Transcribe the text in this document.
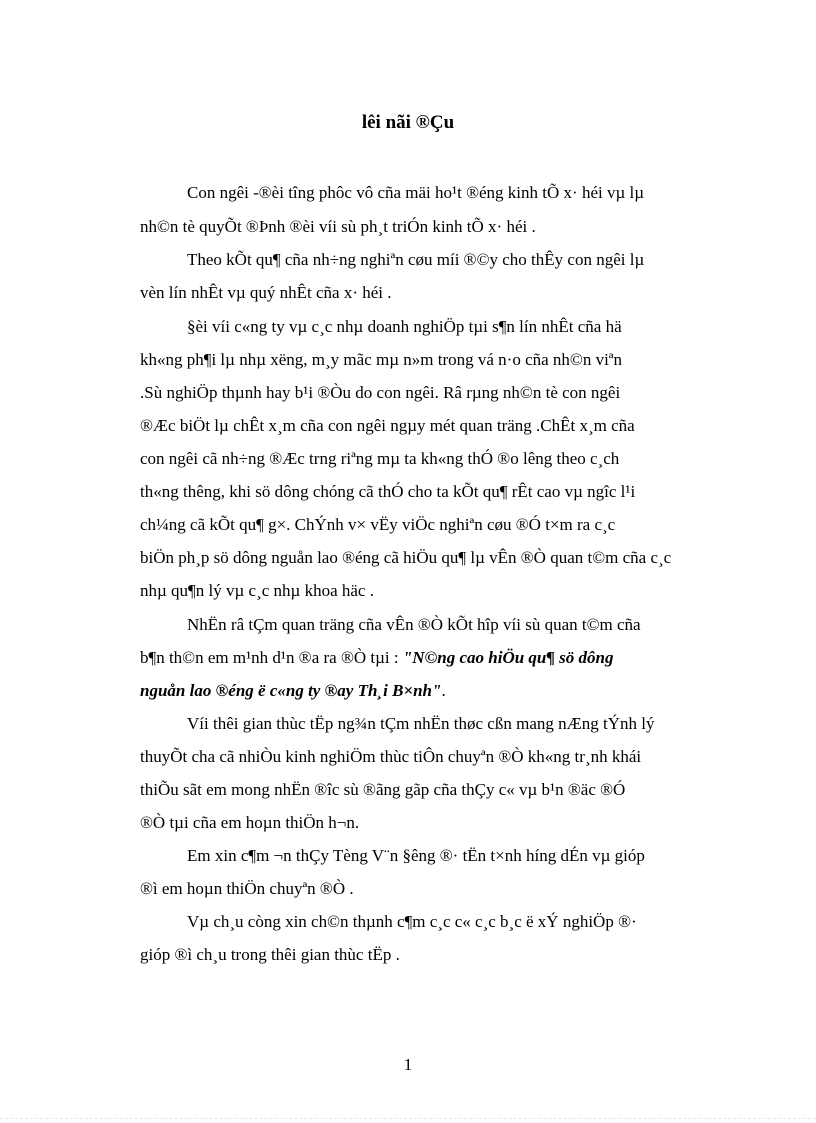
lêi nãi ®Çu
Con ngêi -®èi tîng phôc vô cña mäi ho¹t ®éng kinh tÕ x· héi vµ lµ
nh©n tè quyÕt ®Þnh ®èi víi sù ph¸t triÓn kinh tÕ x· héi .
Theo kÕt qu¶ cña nh÷ng nghiªn cøu míi ®©y cho thÊy con ngêi lµ
vèn lín nhÊt vµ quý nhÊt cña x· héi .
§èi víi c«ng ty vµ c¸c nhµ doanh nghiÖp tµi s¶n lín nhÊt cña hä
kh«ng ph¶i lµ nhµ xëng, m¸y mãc mµ n»m trong vá n·o cña nh©n viªn
.Sù nghiÖp thµnh hay b¹i ®Òu do con ngêi. Râ rµng nh©n tè con ngêi
®Æc biÖt lµ chÊt x¸m cña con ngêi ngµy mét quan träng .ChÊt x¸m cña
con ngêi cã nh÷ng ®Æc trng riªng mµ ta kh«ng thÓ ®o lêng theo c¸ch
th«ng thêng, khi sö dông chóng cã thÓ cho ta kÕt qu¶ rÊt cao vµ ngîc l¹i
ch¼ng cã kÕt qu¶ g×. ChÝnh v× vËy viÖc nghiªn cøu ®Ó t×m ra c¸c
biÖn ph¸p sö dông nguån lao ®éng cã hiÖu qu¶ lµ vÊn ®Ò quan t©m cña c¸c
nhµ qu¶n lý vµ c¸c nhµ khoa häc .
NhËn râ tÇm quan träng cña vÊn ®Ò kÕt hîp víi sù quan t©m cña
b¶n th©n em m¹nh d¹n ®a ra ®Ò tµi : "N©ng cao hiÖu qu¶ sö dông
nguån lao ®éng ë c«ng ty ®ay Th¸i B×nh".
Víi thêi gian thùc tËp ng¾n tÇm nhËn thøc cßn mang nÆng tÝnh lý
thuyÕt cha cã nhiÒu kinh nghiÖm thùc tiÔn chuyªn ®Ò kh«ng tr¸nh khái
thiÕu sãt em mong nhËn ®îc sù ®ãng gãp cña thÇy c« vµ b¹n ®äc ®Ó
®Ò tµi cña em hoµn thiÖn h¬n.
Em xin c¶m ¬n thÇy Tèng V¨n §êng ®· tËn t×nh híng dÉn vµ gióp
®ì em hoµn thiÖn chuyªn ®Ò .
Vµ ch¸u còng xin ch©n thµnh c¶m c¸c c« c¸c b¸c ë xÝ nghiÖp ®·
gióp ®ì ch¸u trong thêi gian thùc tËp .
1
